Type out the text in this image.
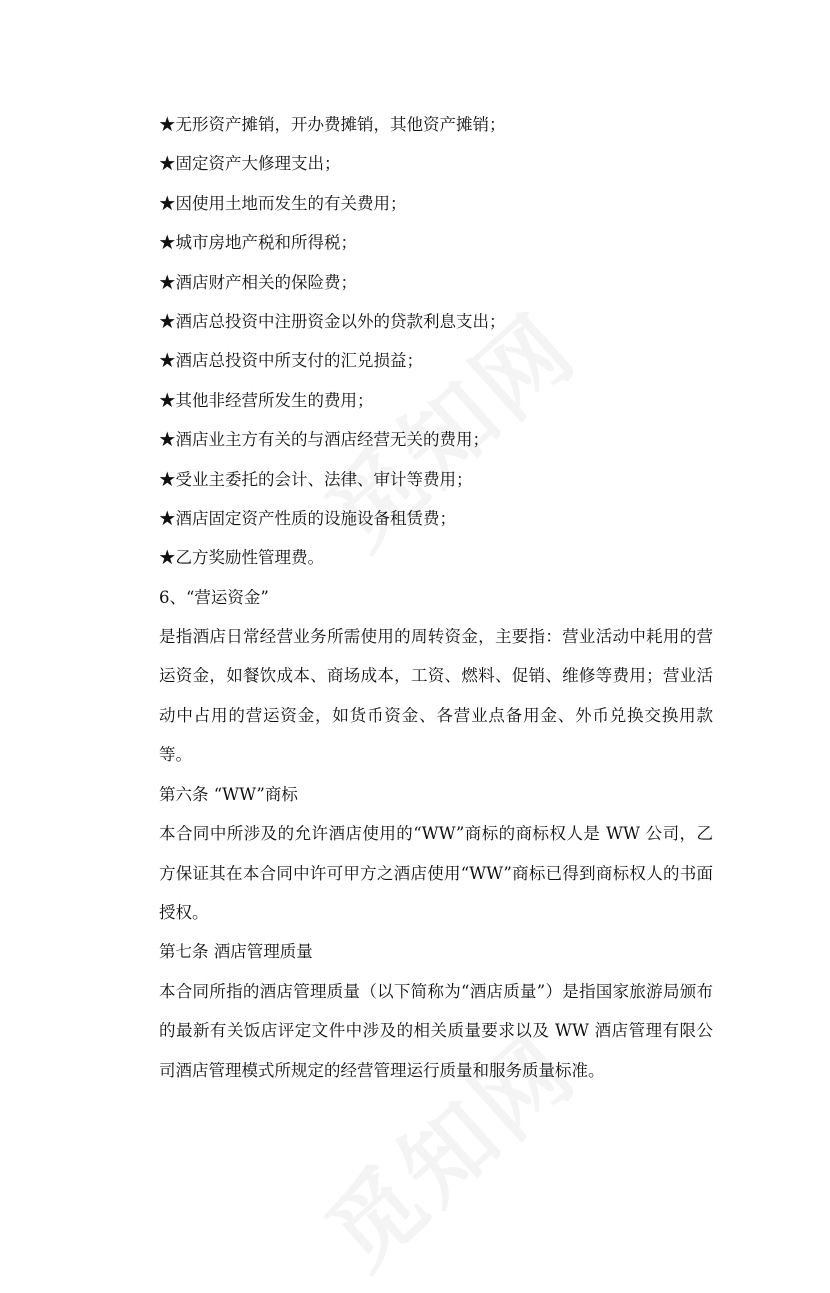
★无形资产摊销，开办费摊销，其他资产摊销；
★固定资产大修理支出；
★因使用土地而发生的有关费用；
★城市房地产税和所得税；
★酒店财产相关的保险费；
★酒店总投资中注册资金以外的贷款利息支出；
★酒店总投资中所支付的汇兑损益；
★其他非经营所发生的费用；
★酒店业主方有关的与酒店经营无关的费用；
★受业主委托的会计、法律、审计等费用；
★酒店固定资产性质的设施设备租赁费；
★乙方奖励性管理费。
6、“营运资金”

是指酒店日常经营业务所需使用的周转资金，主要指：营业活动中耗用的营运资金，如餐饮成本、商场成本，工资、燃料、促销、维修等费用；营业活动中占用的营运资金，如货币资金、各营业点备用金、外币兑换交换用款等。

第六条 “WW”商标

本合同中所涉及的允许酒店使用的“WW”商标的商标权人是 WW 公司，乙方保证其在本合同中许可甲方之酒店使用“WW”商标已得到商标权人的书面授权。

第七条 酒店管理质量

本合同所指的酒店管理质量（以下简称为“酒店质量”）是指国家旅游局颁布的最新有关饭店评定文件中涉及的相关质量要求以及 WW 酒店管理有限公司酒店管理模式所规定的经营管理运行质量和服务质量标准。
